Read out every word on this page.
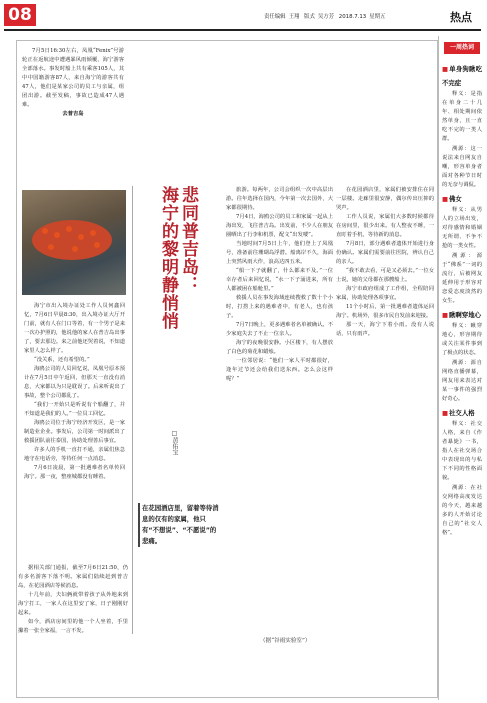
08	责任编辑 王翔 版式 吴方芳 2018.7.13 星期五	热点

7月5日16:30左右，凤凰“Fenix”号游轮正在返航途中遭遇暴风雨倾覆，海宁游客全部落水。事发时船上共有乘客105人，其中中国籍游客87人，来自海宁的游客共有47人，他们是某家公司的员工与亲属，组团出游。截至发稿，事故已造成47人遇难。

去普吉岛

海宁市出入境办证处工作人员何鑫回忆，7月6日早晨8:30，出入境办证大厅开门前，就有人在门口等着，有一个男子是来一次办护照的，他说他的家人在普吉岛出事了，要去那边。来之前他还哭着说，不知道家里人怎么样了。

“没关系，还有希望的。”

海鸥公司的人员回忆说，凤凰号原本预计在7月5日中午返回，但那天一直没有消息，大家都以为只是耽误了。后来听说出了事故，整个公司都乱了。

“我们一开始只是听说有个船翻了，并不知道是我们的人。”一位员工回忆。

海鸥公司位于海宁经济开发区，是一家制造业企业。事发后，公司第一时间派出了救援团队前往泰国，协助处理善后事宜。

许多人的手机一直打不通，亲属们焦急地守在电话旁，等待任何一点消息。

7月6日凌晨，第一批遇难者名单传回海宁。那一夜，整座城都没有睡着。

据相关部门通报，截至7月6日21:50，仍有多名游客下落不明。家属们陆续赶到普吉岛，在花园酒店等候消息。

十几年前，夫妇俩就带着孩子从外地来到海宁打工，一家人在这里安了家，日子刚刚好起来。

如今，酒店房间里的他一个人坐着，手里攥着一张全家福，一言不发。

悲同普吉岛：
海宁的黎明静悄悄
□黄佑宝
在花园酒店里，留着等待消息的仅有的家属，他只有“不想说”、“不愿说”的悲痛。

旅游。每两年，公司会组织一次中高层出游。往年选择在国内，今年第一次去国外，大家都很期待。

7月4日，海鸥公司的员工和家属一起从上海出发，飞往普吉岛。出发前，不少人在朋友圈晒出了行李和机票，配文“出发喽”。

当地时间7月5日上午，他们登上了凤凰号，准备前往珊瑚岛浮潜。船离岸不久，海面上突然风雨大作，浪高达四五米。

“船一下子就翻了，什么都来不及。”一位幸存者后来回忆说，“水一下子涌进来，所有人都被困在船舱里。”

救援人员在事发海域连续搜救了数十个小时，打捞上来的遇难者中，有老人，也有孩子。

7月7日晚上，更多遇难者名单被确认。不少家庭失去了不止一位亲人。

海宁的夜晚很安静。小区楼下，有人摆放了白色的菊花和蜡烛。

一位邻居说：“他们一家人平时都很好，逢年过节还会给我们送东西。怎么会这样呢？”

在花园酒店里，家属们被安排住在同一层楼。走廊里很安静，偶尔传出压抑的哭声。

工作人员说，家属们大多数时候都待在房间里，很少出来。有人整夜不睡，一直盯着手机，等待新的消息。

7月8日，部分遇难者遗体开始进行身份确认。家属们需要前往医院，辨认自己的亲人。

“我不敢去看，可是又必须去。”一位女士说，她的父母都在那艘船上。

海宁市政府组成了工作组，全程陪同家属，协助处理各项事宜。

11个小时后，第一批遇难者遗体运回海宁。机场外，很多市民自发前来迎接。

那一天，海宁下着小雨。没有人说话，只有雨声。

（据“谷雨实验室”）
一周热词
■ 单身狗瞅吃不完症

释义：是指在单身二十几年、相处期间依然单身，且一直吃不完的一类人群。

溯源：这一说法来自网友自嘲，形容单身者面对各种节日时的无奈与调侃。

■ 佛女

释义：从男人的立场出发，对待感情和婚姻无所谓、不争不抢的一类女性。

溯源：源于“佛系”一词的流行，后被网友延伸用于形容对恋爱态度淡然的女生。

■ 瞅啊穿地心

释义：瞅穿地心，形容期待或关注某件事到了极点的状态。

溯源：源自网络直播弹幕，网友用来表达对某一事件的强烈好奇心。

■ 社交人格

释义：社交人格，来自《作者暴毙》一书，指人在社交场合中表现出的与私下不同的性格面貌。

溯源：在社交网络高度发达的今天，越来越多的人开始讨论自己的“社交人格”。
